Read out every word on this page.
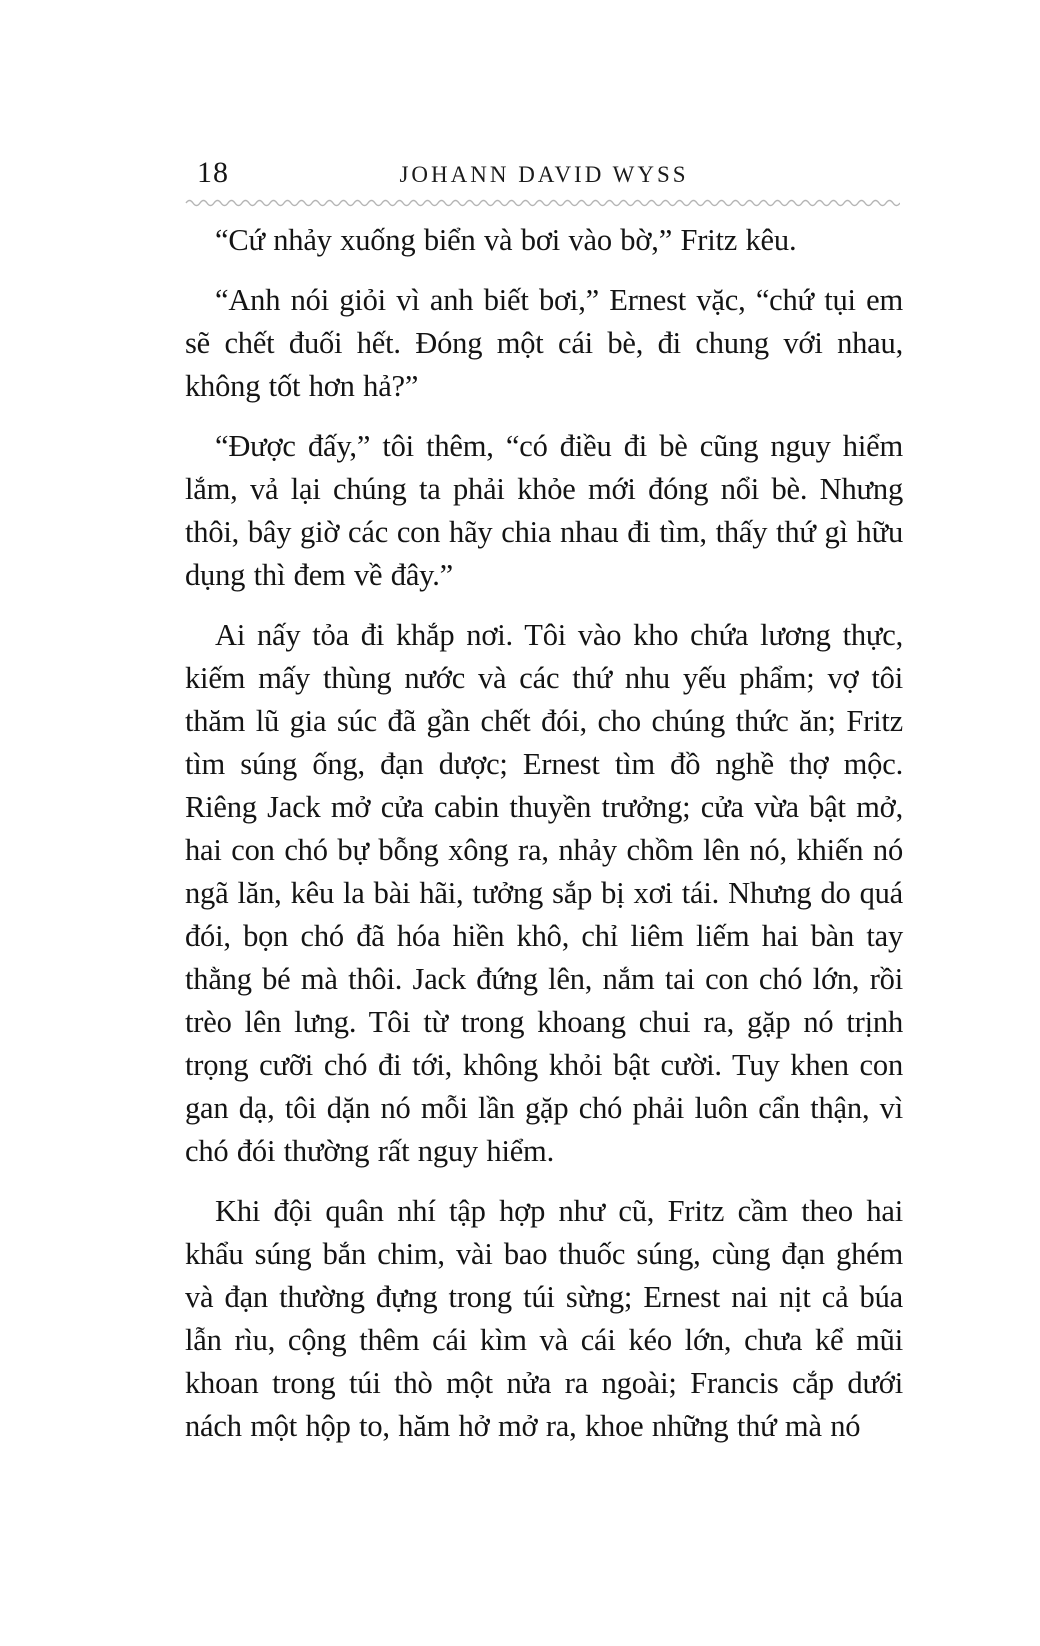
18	JOHANN DAVID WYSS

“Cứ nhảy xuống biển và bơi vào bờ,” Fritz kêu.

“Anh nói giỏi vì anh biết bơi,” Ernest vặc, “chứ tụi em sẽ chết đuối hết. Đóng một cái bè, đi chung với nhau, không tốt hơn hả?”

“Được đấy,” tôi thêm, “có điều đi bè cũng nguy hiểm lắm, vả lại chúng ta phải khỏe mới đóng nổi bè. Nhưng thôi, bây giờ các con hãy chia nhau đi tìm, thấy thứ gì hữu dụng thì đem về đây.”

Ai nấy tỏa đi khắp nơi. Tôi vào kho chứa lương thực, kiếm mấy thùng nước và các thứ nhu yếu phẩm; vợ tôi thăm lũ gia súc đã gần chết đói, cho chúng thức ăn; Fritz tìm súng ống, đạn dược; Ernest tìm đồ nghề thợ mộc. Riêng Jack mở cửa cabin thuyền trưởng; cửa vừa bật mở, hai con chó bự bỗng xông ra, nhảy chồm lên nó, khiến nó ngã lăn, kêu la bài hãi, tưởng sắp bị xơi tái. Nhưng do quá đói, bọn chó đã hóa hiền khô, chỉ liêm liếm hai bàn tay thằng bé mà thôi. Jack đứng lên, nắm tai con chó lớn, rồi trèo lên lưng. Tôi từ trong khoang chui ra, gặp nó trịnh trọng cưỡi chó đi tới, không khỏi bật cười. Tuy khen con gan dạ, tôi dặn nó mỗi lần gặp chó phải luôn cẩn thận, vì chó đói thường rất nguy hiểm.

Khi đội quân nhí tập hợp như cũ, Fritz cầm theo hai khẩu súng bắn chim, vài bao thuốc súng, cùng đạn ghém và đạn thường đựng trong túi sừng; Ernest nai nịt cả búa lẫn rìu, cộng thêm cái kìm và cái kéo lớn, chưa kể mũi khoan trong túi thò một nửa ra ngoài; Francis cắp dưới nách một hộp to, hăm hở mở ra, khoe những thứ mà nó
